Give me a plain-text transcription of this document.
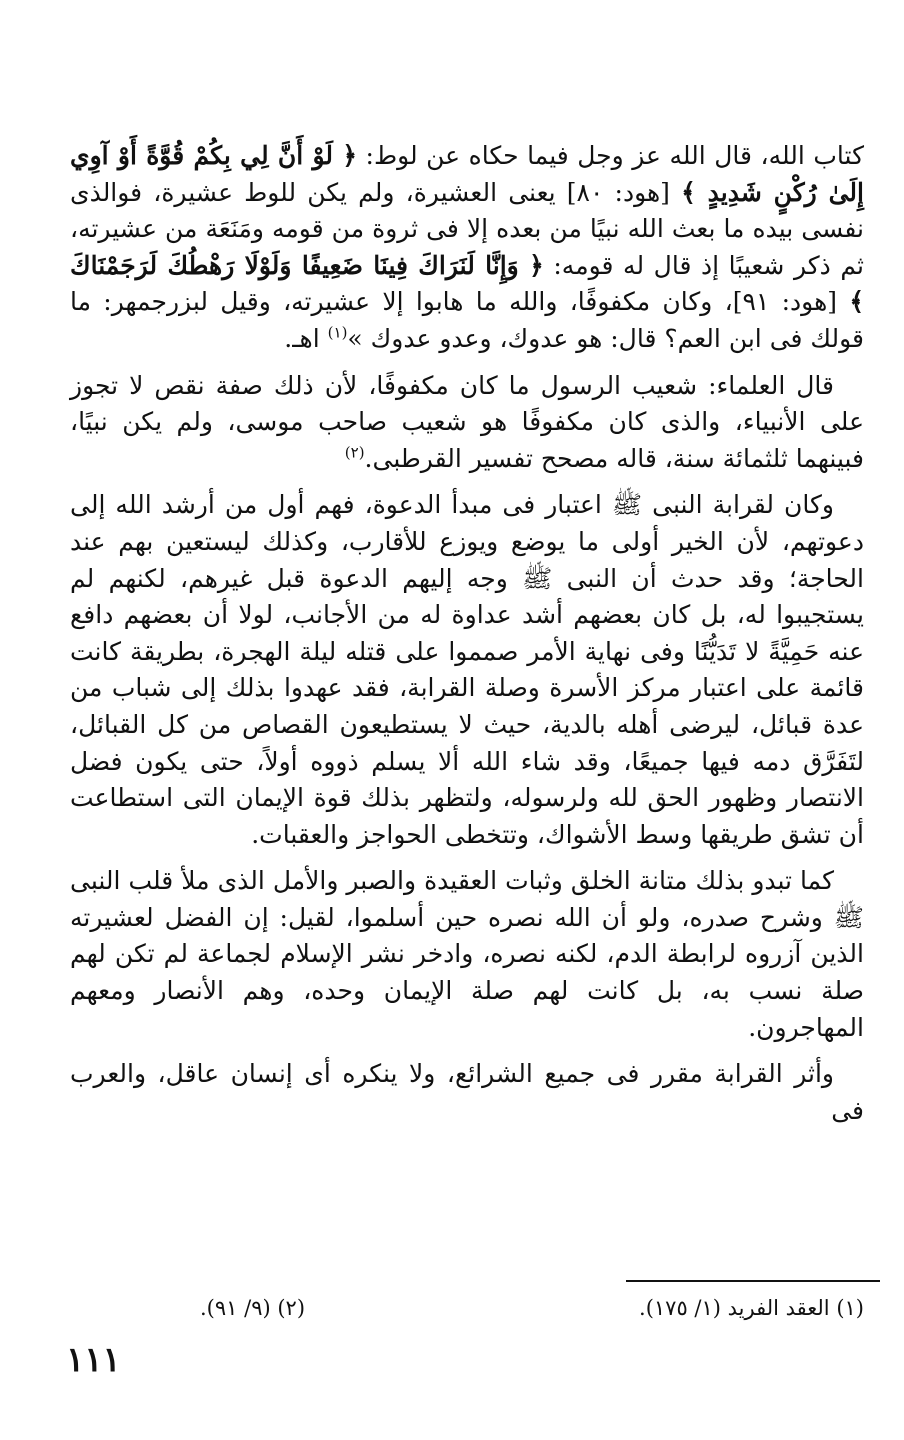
كتاب الله، قال الله عز وجل فيما حكاه عن لوط: ﴿ لَوْ أَنَّ لِي بِكُمْ قُوَّةً أَوْ آوِي إِلَىٰ رُكْنٍ شَدِيدٍ ﴾ [هود: ٨٠] يعنى العشيرة، ولم يكن للوط عشيرة، فوالذى نفسى بيده ما بعث الله نبيًا من بعده إلا فى ثروة من قومه ومَنَعَة من عشيرته، ثم ذكر شعيبًا إذ قال له قومه: ﴿ وَإِنَّا لَنَرَاكَ فِينَا ضَعِيفًا وَلَوْلَا رَهْطُكَ لَرَجَمْنَاكَ ﴾ [هود: ٩١]، وكان مكفوفًا، والله ما هابوا إلا عشيرته، وقيل لبزرجمهر: ما قولك فى ابن العم؟ قال: هو عدوك، وعدو عدوك »$^{(١)}$ اهـ.

قال العلماء: شعيب الرسول ما كان مكفوفًا، لأن ذلك صفة نقص لا تجوز على الأنبياء، والذى كان مكفوفًا هو شعيب صاحب موسى، ولم يكن نبيًا، فبينهما ثلثمائة سنة، قاله مصحح تفسير القرطبى.$^{(٢)}$

وكان لقرابة النبى ﷺ اعتبار فى مبدأ الدعوة، فهم أول من أرشد الله إلى دعوتهم، لأن الخير أولى ما يوضع ويوزع للأقارب، وكذلك ليستعين بهم عند الحاجة؛ وقد حدث أن النبى ﷺ وجه إليهم الدعوة قبل غيرهم، لكنهم لم يستجيبوا له، بل كان بعضهم أشد عداوة له من الأجانب، لولا أن بعضهم دافع عنه حَمِيَّةً لا تَدَيُّنًا وفى نهاية الأمر صمموا على قتله ليلة الهجرة، بطريقة كانت قائمة على اعتبار مركز الأسرة وصلة القرابة، فقد عهدوا بذلك إلى شباب من عدة قبائل، ليرضى أهله بالدية، حيث لا يستطيعون القصاص من كل القبائل، لتَفَرَّق دمه فيها جميعًا، وقد شاء الله ألا يسلم ذووه أولاً، حتى يكون فضل الانتصار وظهور الحق لله ولرسوله، ولتظهر بذلك قوة الإيمان التى استطاعت أن تشق طريقها وسط الأشواك، وتتخطى الحواجز والعقبات.

كما تبدو بذلك متانة الخلق وثبات العقيدة والصبر والأمل الذى ملأ قلب النبى ﷺ وشرح صدره، ولو أن الله نصره حين أسلموا، لقيل: إن الفضل لعشيرته الذين آزروه لرابطة الدم، لكنه نصره، وادخر نشر الإسلام لجماعة لم تكن لهم صلة نسب به، بل كانت لهم صلة الإيمان وحده، وهم الأنصار ومعهم المهاجرون.

وأثر القرابة مقرر فى جميع الشرائع، ولا ينكره أى إنسان عاقل، والعرب فى

(١) العقد الفريد (١/ ١٧٥).
(٢) (٩/ ٩١).
١١١
